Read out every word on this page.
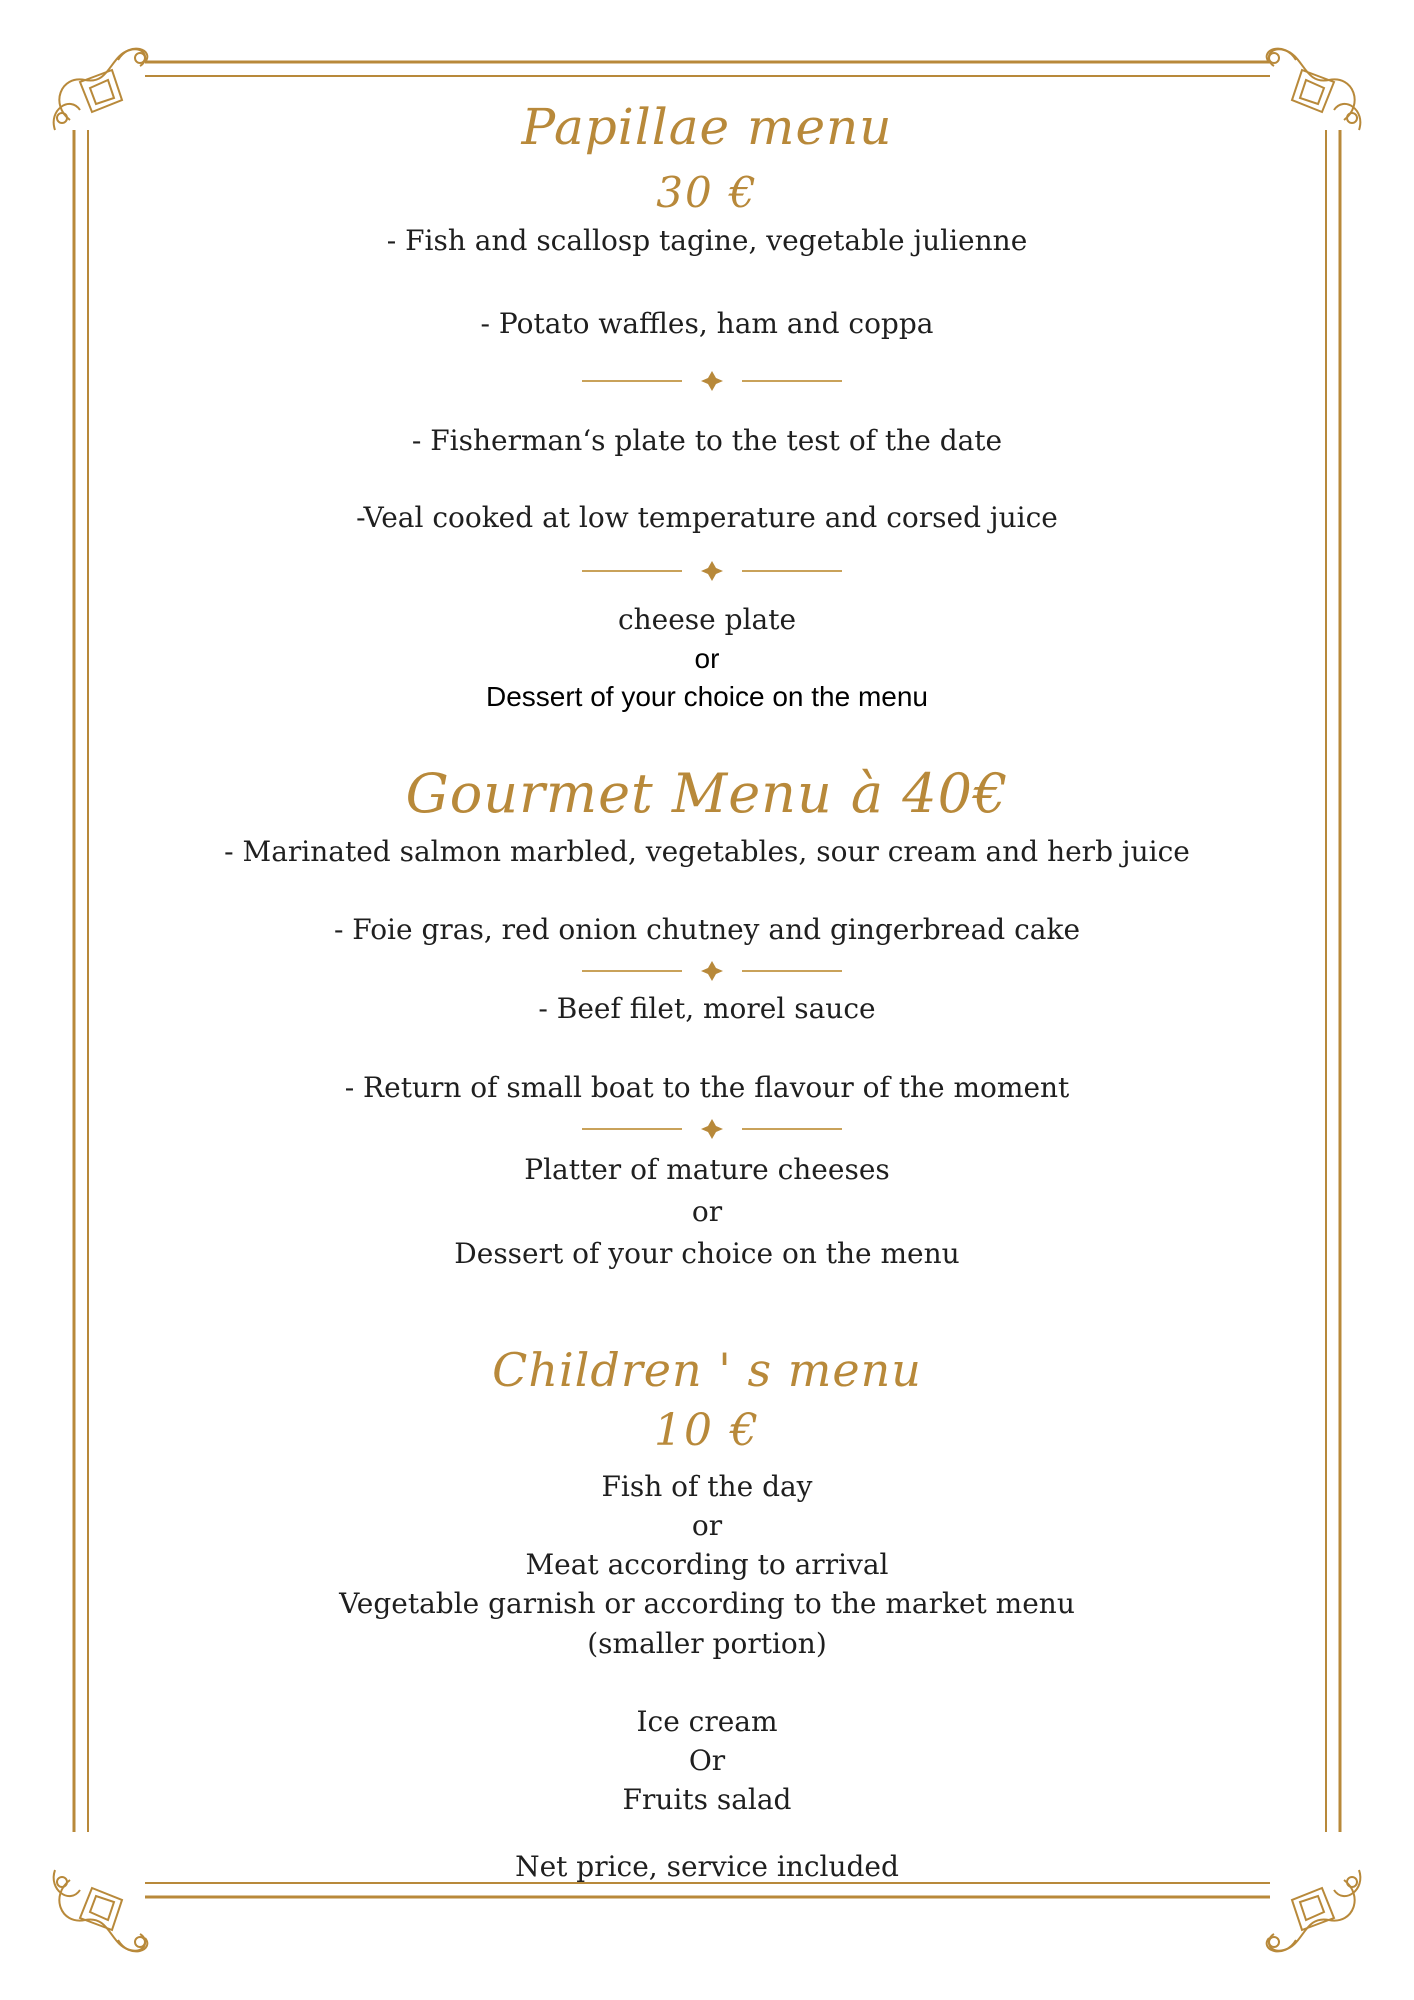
Papillae menu
30 €
- Fish and scallosp tagine, vegetable julienne
- Potato waffles, ham and coppa
- Fisherman‘s plate to the test of the date
-Veal cooked at low temperature and corsed juice
cheese plate
or
Dessert of your choice on the menu
Gourmet Menu à 40€
- Marinated salmon marbled, vegetables, sour cream and herb juice
- Foie gras, red onion chutney and gingerbread cake
- Beef filet, morel sauce
- Return of small boat to the flavour of the moment
Platter of mature cheeses
or
Dessert of your choice on the menu
Children ' s menu
10 €
Fish of the day
or
Meat according to arrival
Vegetable garnish or according to the market menu
(smaller portion)
Ice cream
Or
Fruits salad
Net price, service included
